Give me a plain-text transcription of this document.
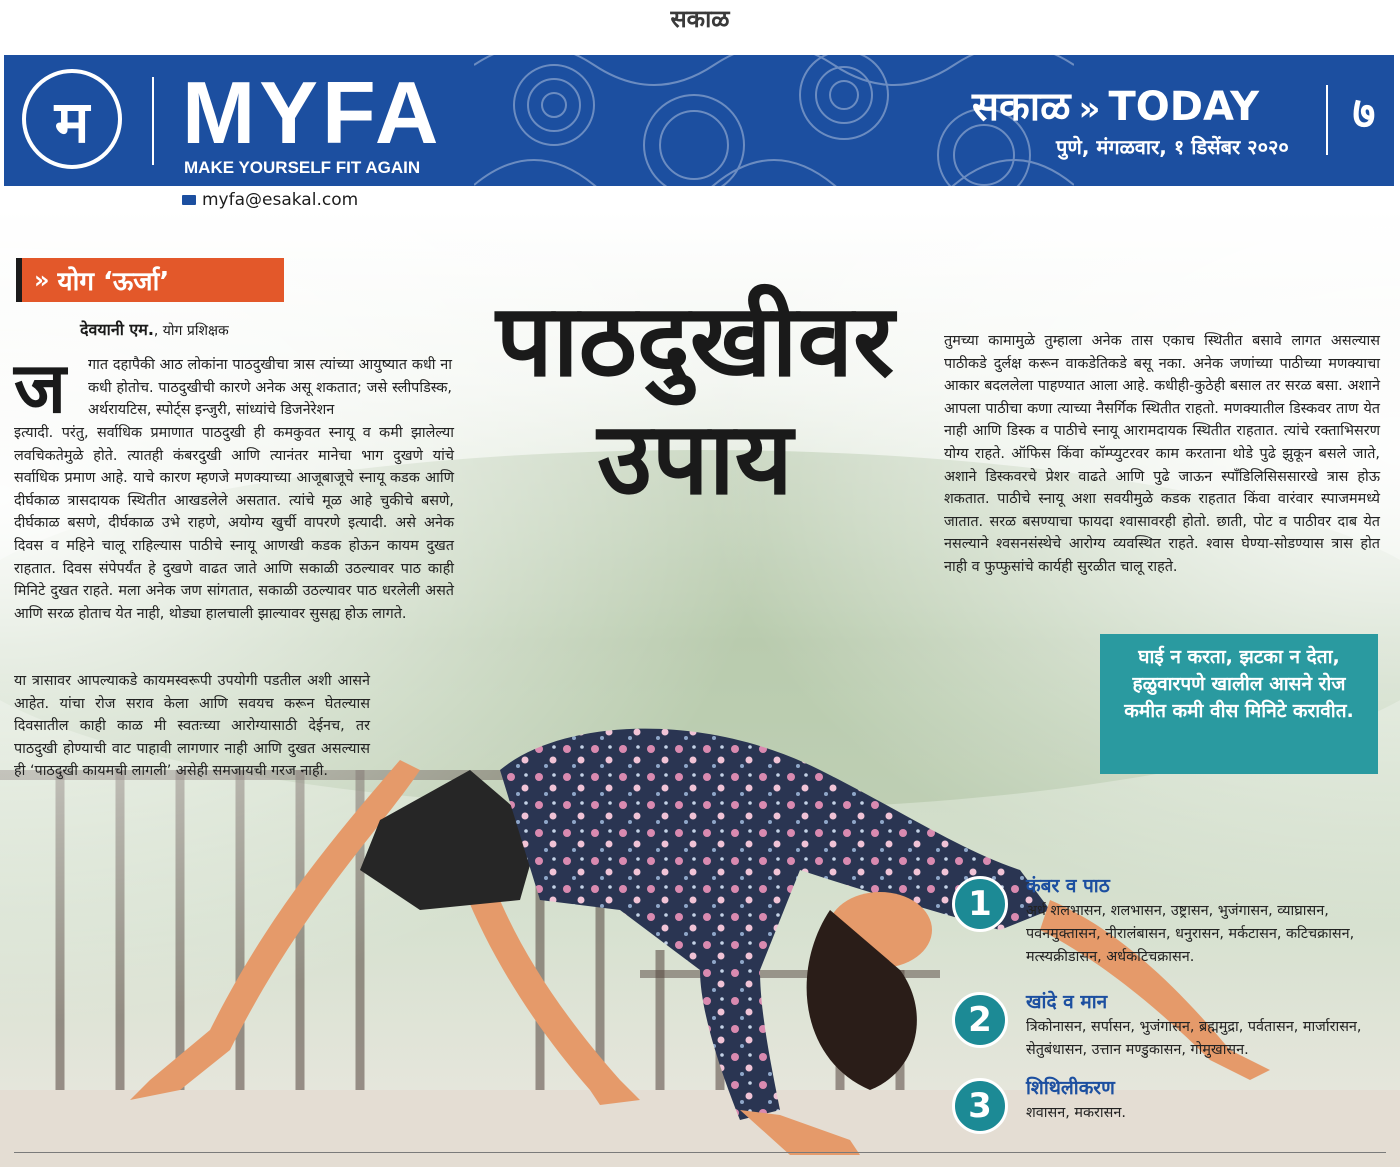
सकाळ
म	MYFA
MAKE YOURSELF FIT AGAIN
सकाळ » TODAY
पुणे, मंगळवार, १ डिसेंबर २०२०
७
myfa@esakal.com
» योग ‘ऊर्जा’
देवयानी एम., योग प्रशिक्षक	पाठदुखीवर
उपाय
ज गात दहापैकी आठ लोकांना पाठदुखीचा त्रास त्यांच्या आयुष्यात कधी ना कधी होतोच. पाठदुखीची कारणे अनेक असू शकतात; जसे स्लीपडिस्क, अर्थरायटिस, स्पोर्ट्स इन्जुरी, सांध्यांचे डिजनेरेशन
इत्यादी. परंतु, सर्वाधिक प्रमाणात पाठदुखी ही कमकुवत स्नायू व कमी झालेल्या लवचिकतेमुळे होते. त्यातही कंबरदुखी आणि त्यानंतर मानेचा भाग दुखणे यांचे सर्वाधिक प्रमाण आहे. याचे कारण म्हणजे मणक्याच्या आजूबाजूचे स्नायू कडक आणि दीर्घकाळ त्रासदायक स्थितीत आखडलेले असतात. त्यांचे मूळ आहे चुकीचे बसणे, दीर्घकाळ बसणे, दीर्घकाळ उभे राहणे, अयोग्य खुर्ची वापरणे इत्यादी. असे अनेक दिवस व महिने चालू राहिल्यास पाठीचे स्नायू आणखी कडक होऊन कायम दुखत राहतात. दिवस संपेपर्यंत हे दुखणे वाढत जाते आणि सकाळी उठल्यावर पाठ काही मिनिटे दुखत राहते. मला अनेक जण सांगतात, सकाळी उठल्यावर पाठ धरलेली असते आणि सरळ होताच येत नाही, थोड्या हालचाली झाल्यावर सुसह्य होऊ लागते.
या त्रासावर आपल्याकडे कायमस्वरूपी उपयोगी पडतील अशी आसने आहेत. यांचा रोज सराव केला आणि सवयच करून घेतल्यास दिवसातील काही काळ मी स्वतःच्या आरोग्यासाठी देईनच, तर पाठदुखी होण्याची वाट पाहावी लागणार नाही आणि दुखत असल्यास ही ‘पाठदुखी कायमची लागली’ असेही समजायची गरज नाही.
तुमच्या कामामुळे तुम्हाला अनेक तास एकाच स्थितीत बसावे लागत असल्यास पाठीकडे दुर्लक्ष करून वाकडेतिकडे बसू नका. अनेक जणांच्या पाठीच्या मणक्याचा आकार बदललेला पाहण्यात आला आहे. कधीही-कुठेही बसाल तर सरळ बसा. अशाने आपला पाठीचा कणा त्याच्या नैसर्गिक स्थितीत राहतो. मणक्यातील डिस्कवर ताण येत नाही आणि डिस्क व पाठीचे स्नायू आरामदायक स्थितीत राहतात. त्यांचे रक्ताभिसरण योग्य राहते. ऑफिस किंवा कॉम्प्युटरवर काम करताना थोडे पुढे झुकून बसले जाते, अशाने डिस्कवरचे प्रेशर वाढते आणि पुढे जाऊन स्पॉंडिलिसिससारखे त्रास होऊ शकतात. पाठीचे स्नायू अशा सवयीमुळे कडक राहतात किंवा वारंवार स्पाजममध्ये जातात. सरळ बसण्याचा फायदा श्वासावरही होतो. छाती, पोट व पाठीवर दाब येत नसल्याने श्वसनसंस्थेचे आरोग्य व्यवस्थित राहते. श्वास घेण्या-सोडण्यास त्रास होत नाही व फुप्फुसांचे कार्यही सुरळीत चालू राहते.
घाई न करता, झटका न देता, हळुवारपणे खालील आसने रोज कमीत कमी वीस मिनिटे करावीत.
1	कंबर व पाठ
अर्ध शलभासन, शलभासन, उष्ट्रासन, भुजंगासन, व्याघ्रासन, पवनमुक्तासन, नीरालंबासन, धनुरासन, मर्कटासन, कटिचक्रासन, मत्स्यक्रीडासन, अर्धकटिचक्रासन.
2	खांदे व मान
त्रिकोनासन, सर्पासन, भुजंगासन, ब्रह्ममुद्रा, पर्वतासन, मार्जारासन, सेतुबंधासन, उत्तान मण्डुकासन, गोमुखासन.
3	शिथिलीकरण
शवासन, मकरासन.
